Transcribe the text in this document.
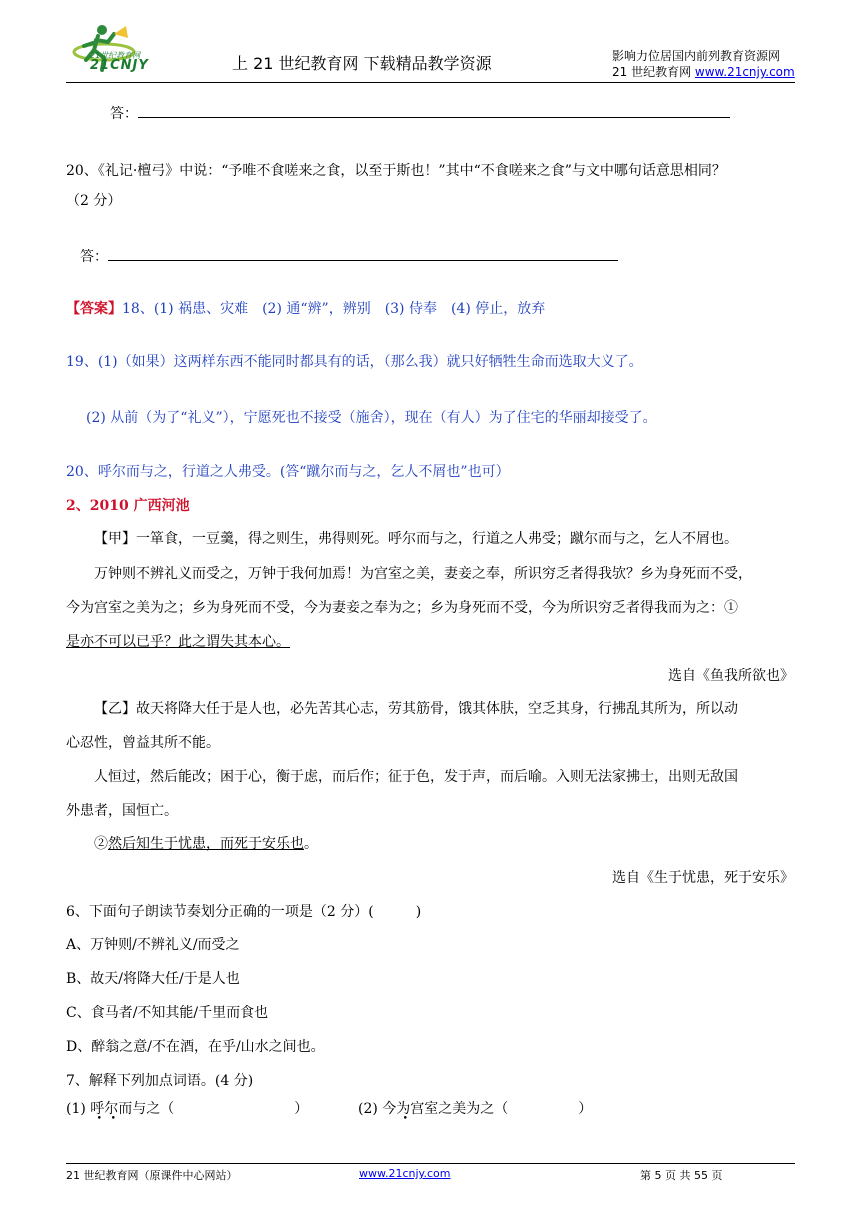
21世纪教育网
21CNJY	上 21 世纪教育网 下载精品教学资源	影响力位居国内前列教育资源网
21 世纪教育网 www.21cnjy.com
答：
20、《礼记·檀弓》中说：“予唯不食嗟来之食，以至于斯也！”其中“不食嗟来之食”与文中哪句话意思相同？
（2 分）
答：
【答案】18、(1) 祸患、灾难　(2) 通“辨”，辨别　(3) 侍奉　(4) 停止，放弃
19、(1)（如果）这两样东西不能同时都具有的话，（那么我）就只好牺牲生命而选取大义了。
(2) 从前（为了“礼义”），宁愿死也不接受（施舍），现在（有人）为了住宅的华丽却接受了。
20、呼尔而与之，行道之人弗受。(答“蹴尔而与之，乞人不屑也”也可）
2、2010 广西河池
【甲】一箪食，一豆羹，得之则生，弗得则死。呼尔而与之，行道之人弗受；蹴尔而与之，乞人不屑也。
万钟则不辨礼义而受之，万钟于我何加焉！为宫室之美，妻妾之奉，所识穷乏者得我欤？乡为身死而不受，
今为宫室之美为之；乡为身死而不受，今为妻妾之奉为之；乡为身死而不受，今为所识穷乏者得我而为之：①
是亦不可以已乎？此之谓失其本心。
选自《鱼我所欲也》
【乙】故天将降大任于是人也，必先苦其心志，劳其筋骨，饿其体肤，空乏其身，行拂乱其所为，所以动
心忍性，曾益其所不能。
人恒过，然后能改；困于心，衡于虑，而后作；征于色，发于声，而后喻。入则无法家拂士，出则无敌国
外患者，国恒亡。
②然后知生于忧患，而死于安乐也。
选自《生于忧患，死于安乐》
6、下面句子朗读节奏划分正确的一项是（2 分）(　　　)
A、万钟则/不辨礼义/而受之
B、故天/将降大任/于是人也
C、食马者/不知其能/千里而食也
D、醉翁之意/不在酒，在乎/山水之间也。
7、解释下列加点词语。(4 分)
(1) 呼尔而与之（	）	(2) 今为宫室之美为之（	）
21 世纪教育网（原课件中心网站）	www.21cnjy.com	第 5 页 共 55 页
